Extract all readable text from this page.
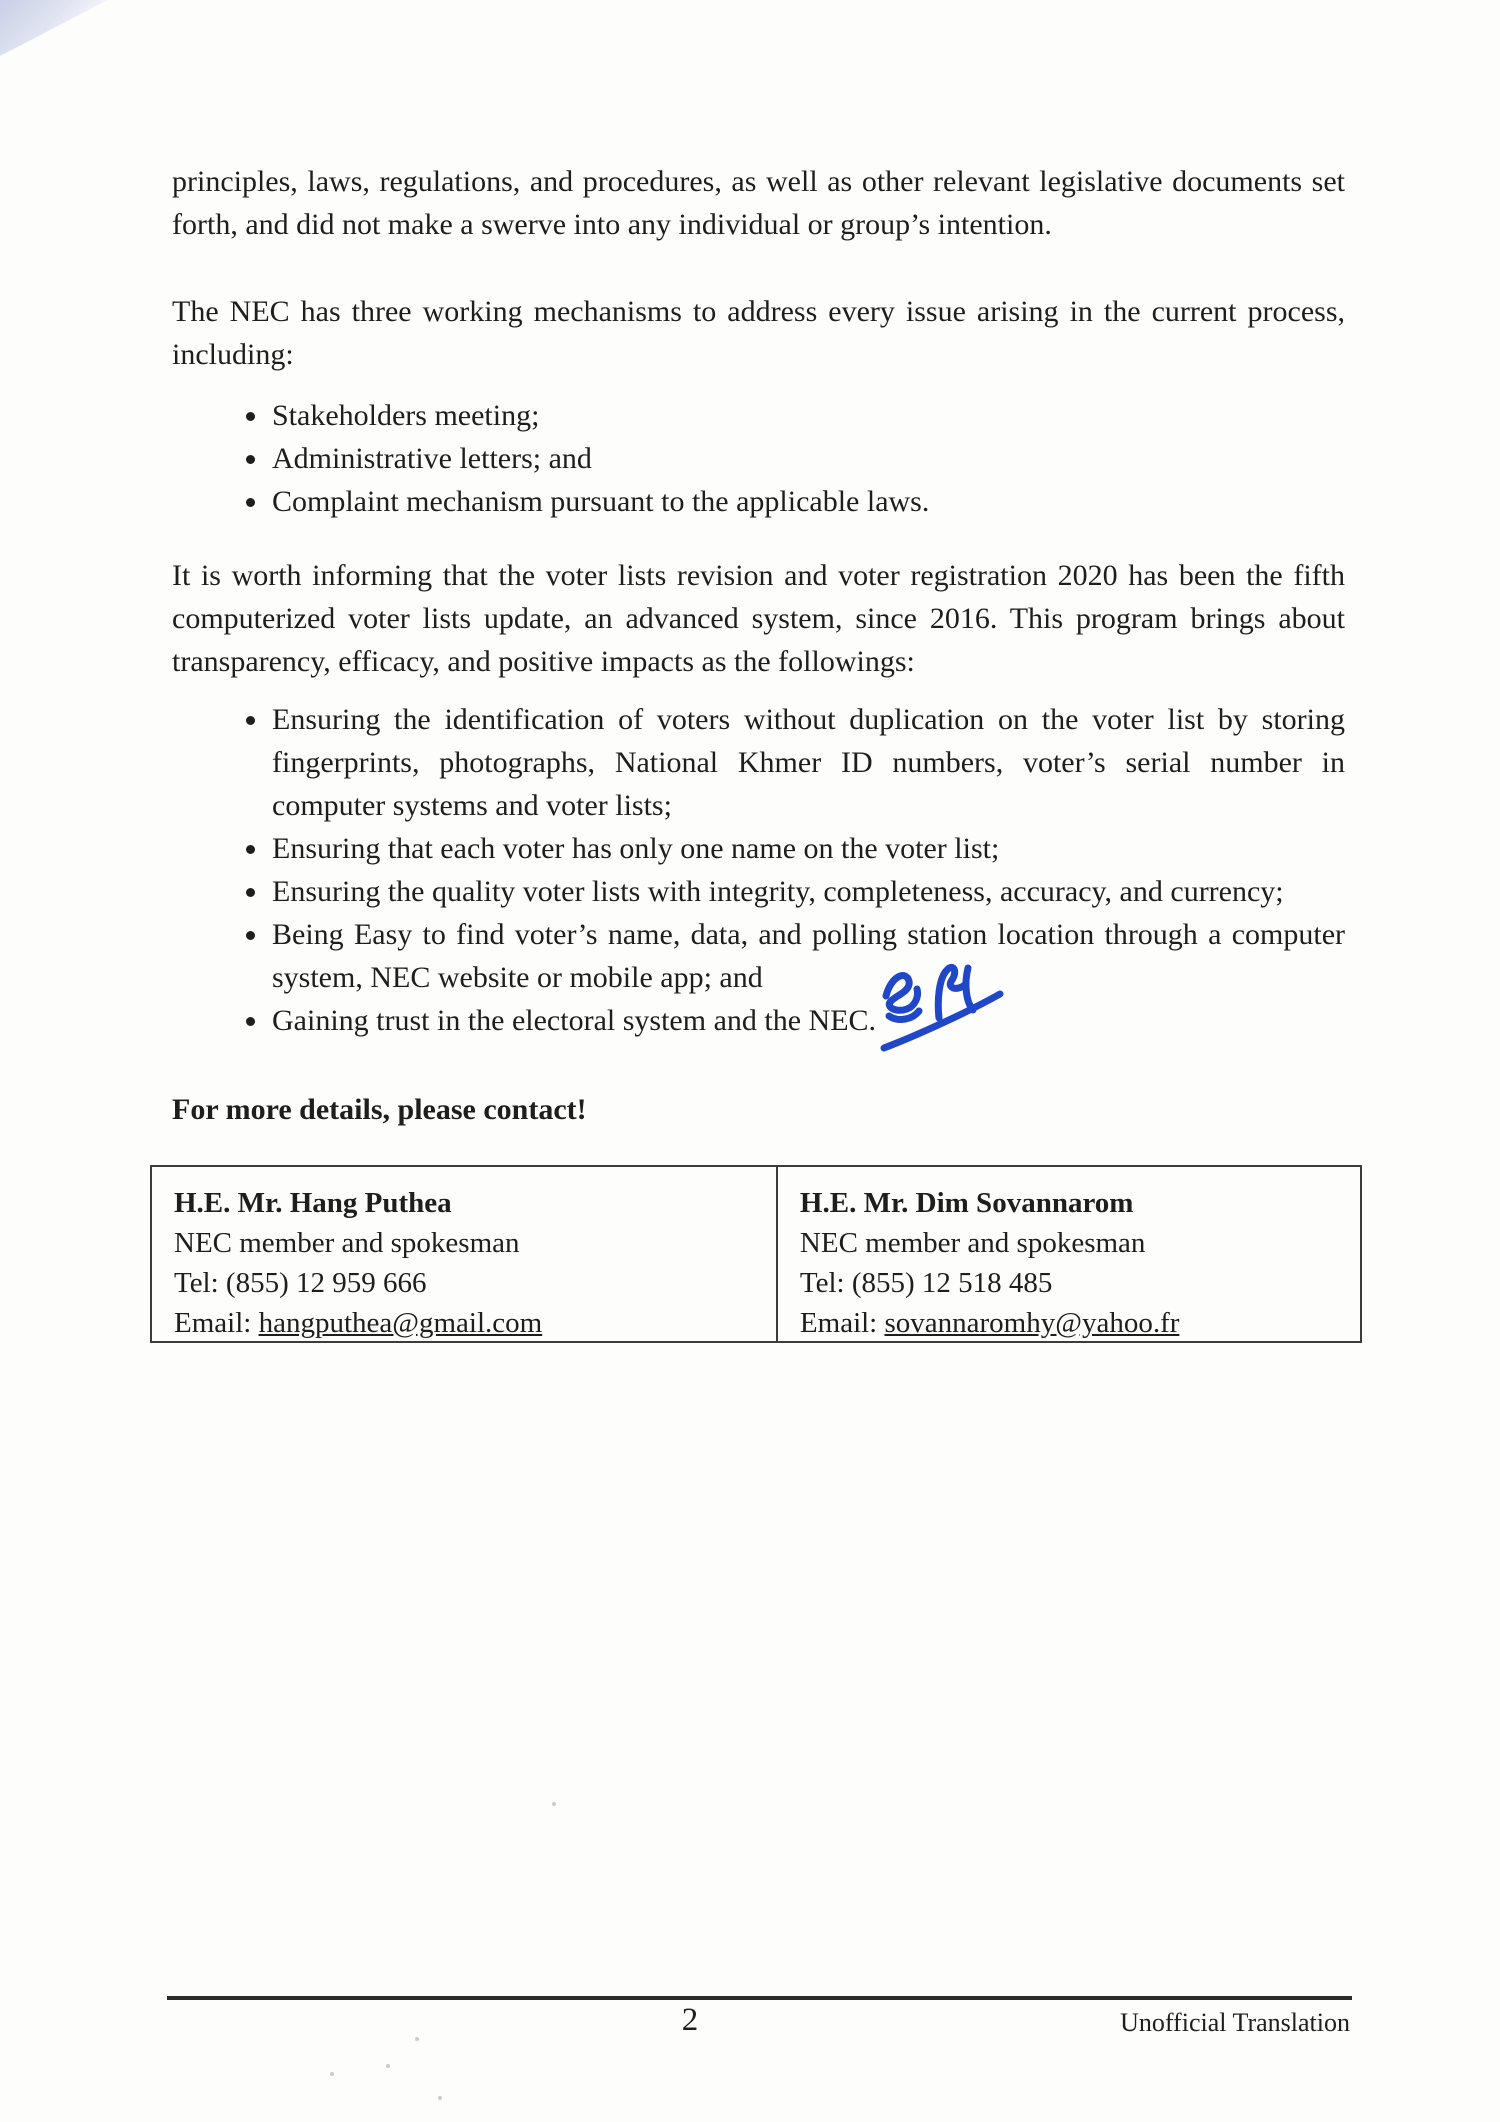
principles, laws, regulations, and procedures, as well as other relevant legislative documents set forth, and did not make a swerve into any individual or group’s intention.

The NEC has three working mechanisms to address every issue arising in the current process, including:

• Stakeholders meeting;
• Administrative letters; and
• Complaint mechanism pursuant to the applicable laws.

It is worth informing that the voter lists revision and voter registration 2020 has been the fifth computerized voter lists update, an advanced system, since 2016. This program brings about transparency, efficacy, and positive impacts as the followings:

• Ensuring the identification of voters without duplication on the voter list by storing fingerprints, photographs, National Khmer ID numbers, voter’s serial number in computer systems and voter lists;
• Ensuring that each voter has only one name on the voter list;
• Ensuring the quality voter lists with integrity, completeness, accuracy, and currency;
• Being Easy to find voter’s name, data, and polling station location through a computer system, NEC website or mobile app; and
• Gaining trust in the electoral system and the NEC.

For more details, please contact!

H.E. Mr. Hang Puthea
NEC member and spokesman
Tel: (855) 12 959 666
Email: hangputhea@gmail.com
H.E. Mr. Dim Sovannarom
NEC member and spokesman
Tel: (855) 12 518 485
Email: sovannaromhy@yahoo.fr
2	Unofficial Translation
